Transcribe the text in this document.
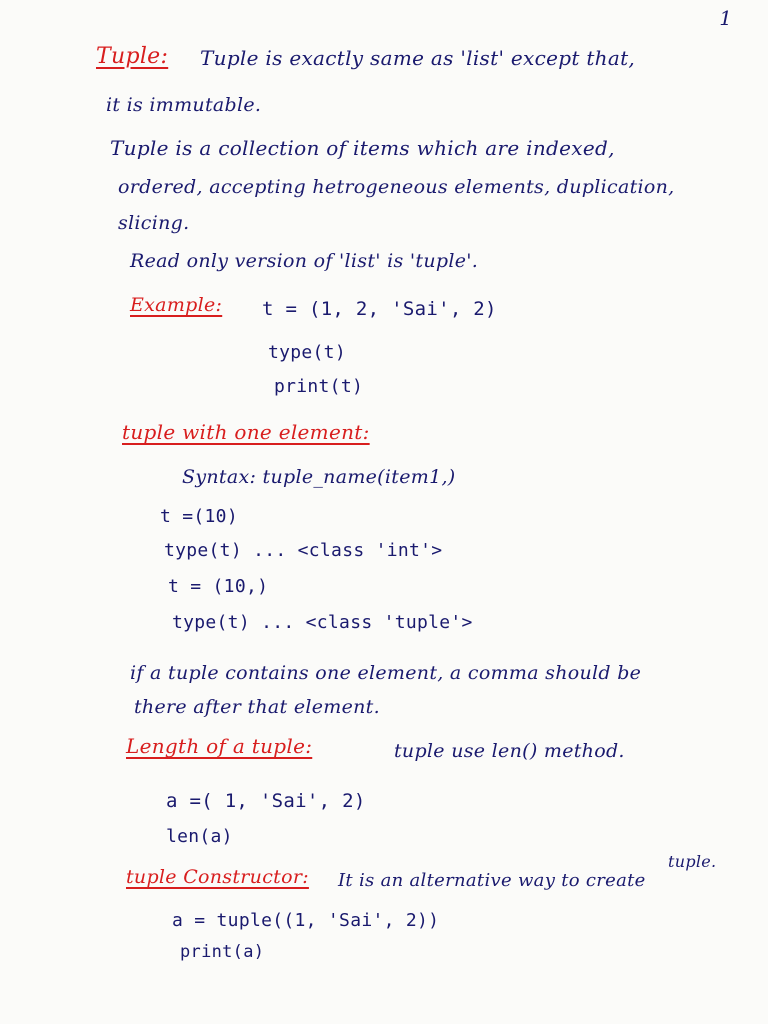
1
Tuple: Tuple is exactly same as 'list' except that,
it is immutable.
Tuple is a collection of items which are indexed,
ordered, accepting hetrogeneous elements, duplication,
slicing.
Read only version of 'list' is 'tuple'.
Example: t = (1, 2, 'Sai', 2)
type(t)
print(t)
tuple with one element:
Syntax: tuple_name(item1,)
t =(10)
type(t) ... <class 'int'>
t = (10,)
type(t) ... <class 'tuple'>
if a tuple contains one element, a comma should be
there after that element.
Length of a tuple:	tuple use len() method.
a =( 1, 'Sai', 2)
len(a)
tuple.
tuple Constructor: It is an alternative way to create
a = tuple((1, 'Sai', 2))
print(a)
